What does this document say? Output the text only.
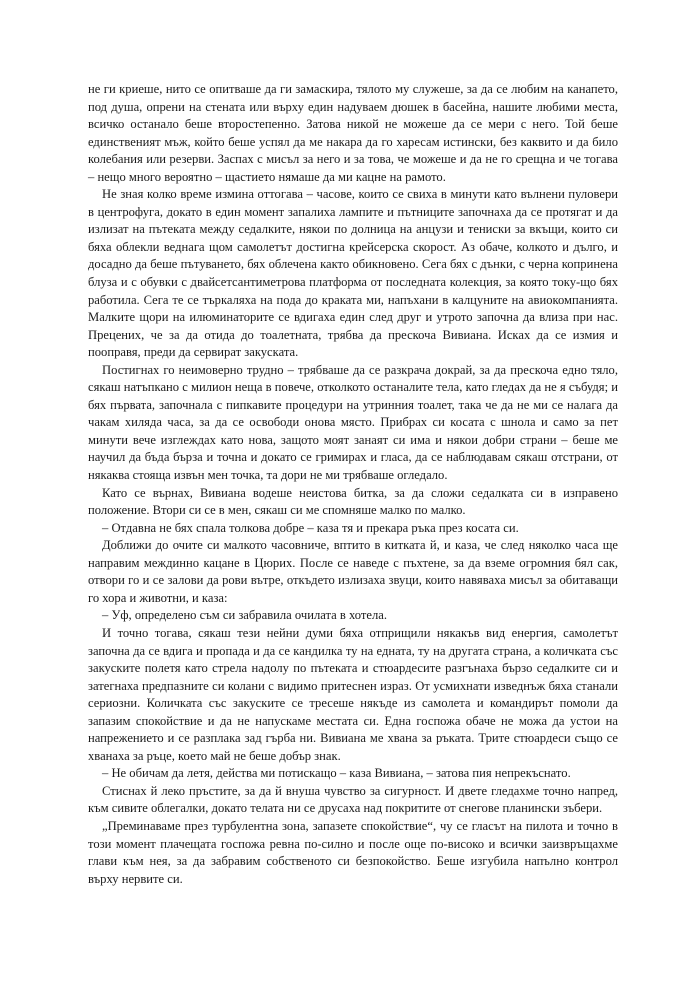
не ги криеше, нито се опитваше да ги замаскира, тялото му служеше, за да се любим на канапето, под душа, опрени на стената или върху един надуваем дюшек в басейна, нашите любими места, всичко останало беше второстепенно. Затова никой не можеше да се мери с него. Той беше единственият мъж, който беше успял да ме накара да го харесам истински, без каквито и да било колебания или резерви. Заспах с мисъл за него и за това, че можеше и да не го срещна и че тогава – нещо много вероятно – щастието нямаше да ми кацне на рамото.

Не зная колко време измина оттогава – часове, които се свиха в минути като вълнени пуловери в центрофуга, докато в един момент запалиха лампите и пътниците започнаха да се протягат и да излизат на пътеката между седалките, някои по долница на анцузи и тениски за вкъщи, които си бяха облекли веднага щом самолетът достигна крейсерска скорост. Аз обаче, колкото и дълго, и досадно да беше пътуването, бях облечена както обикновено. Сега бях с дънки, с черна копринена блуза и с обувки с двайсетсантиметрова платформа от последната колекция, за която току-що бях работила. Сега те се търкаляха на пода до краката ми, напъхани в калцуните на авиокомпанията. Малките щори на илюминаторите се вдигаха един след друг и утрото започна да влиза при нас. Прецених, че за да отида до тоалетната, трябва да прескоча Вивиана. Исках да се измия и пооправя, преди да сервират закуската.

Постигнах го неимоверно трудно – трябваше да се разкрача докрай, за да прескоча едно тяло, сякаш натъпкано с милион неща в повече, отколкото останалите тела, като гледах да не я събудя; и бях първата, започнала с пипкавите процедури на утринния тоалет, така че да не ми се налага да чакам хиляда часа, за да се освободи онова място. Прибрах си косата с шнола и само за пет минути вече изглеждах като нова, защото моят занаят си има и някои добри страни – беше ме научил да бъда бърза и точна и докато се гримирах и гласа, да се наблюдавам сякаш отстрани, от някаква стояща извън мен точка, та дори не ми трябваше огледало.

Като се върнах, Вивиана водеше неистова битка, за да сложи седалката си в изправено положение. Втори си се в мен, сякаш си ме спомняше малко по малко.

– Отдавна не бях спала толкова добре – каза тя и прекара ръка през косата си.

Доближи до очите си малкото часовниче, вптито в китката й, и каза, че след няколко часа ще направим междинно кацане в Цюрих. После се наведе с пъхтене, за да вземе огромния бял сак, отвори го и се залови да рови вътре, откъдето излизаха звуци, които навяваха мисъл за обитаващи го хора и животни, и каза:

– Уф, определено съм си забравила очилата в хотела.

И точно тогава, сякаш тези нейни думи бяха отприщили някакъв вид енергия, самолетът започна да се вдига и пропада и да се кандилка ту на едната, ту на другата страна, а количката със закуските полетя като стрела надолу по пътеката и стюардесите разгънаха бързо седалките си и затегнаха предпазните си колани с видимо притеснен израз. От усмихнати изведнъж бяха станали сериозни. Количката със закуските се тресеше някъде из самолета и командирът помоли да запазим спокойствие и да не напускаме местата си. Една госпожа обаче не можа да устои на напрежението и се разплака зад гърба ни. Вивиана ме хвана за ръката. Трите стюардеси също се хванаха за ръце, което май не беше добър знак.

– Не обичам да летя, действа ми потискащо – каза Вивиана, – затова пия непрекъснато.

Стиснах й леко пръстите, за да й внуша чувство за сигурност. И двете гледахме точно напред, към сивите облегалки, докато телата ни се друсаха над покритите от снегове планински зъбери.

„Преминаваме през турбулентна зона, запазете спокойствие“, чу се гласът на пилота и точно в този момент плачещата госпожа ревна по-силно и после още по-високо и всички заизвръщахме глави към нея, за да забравим собственото си безпокойство. Беше изгубила напълно контрол върху нервите си.
